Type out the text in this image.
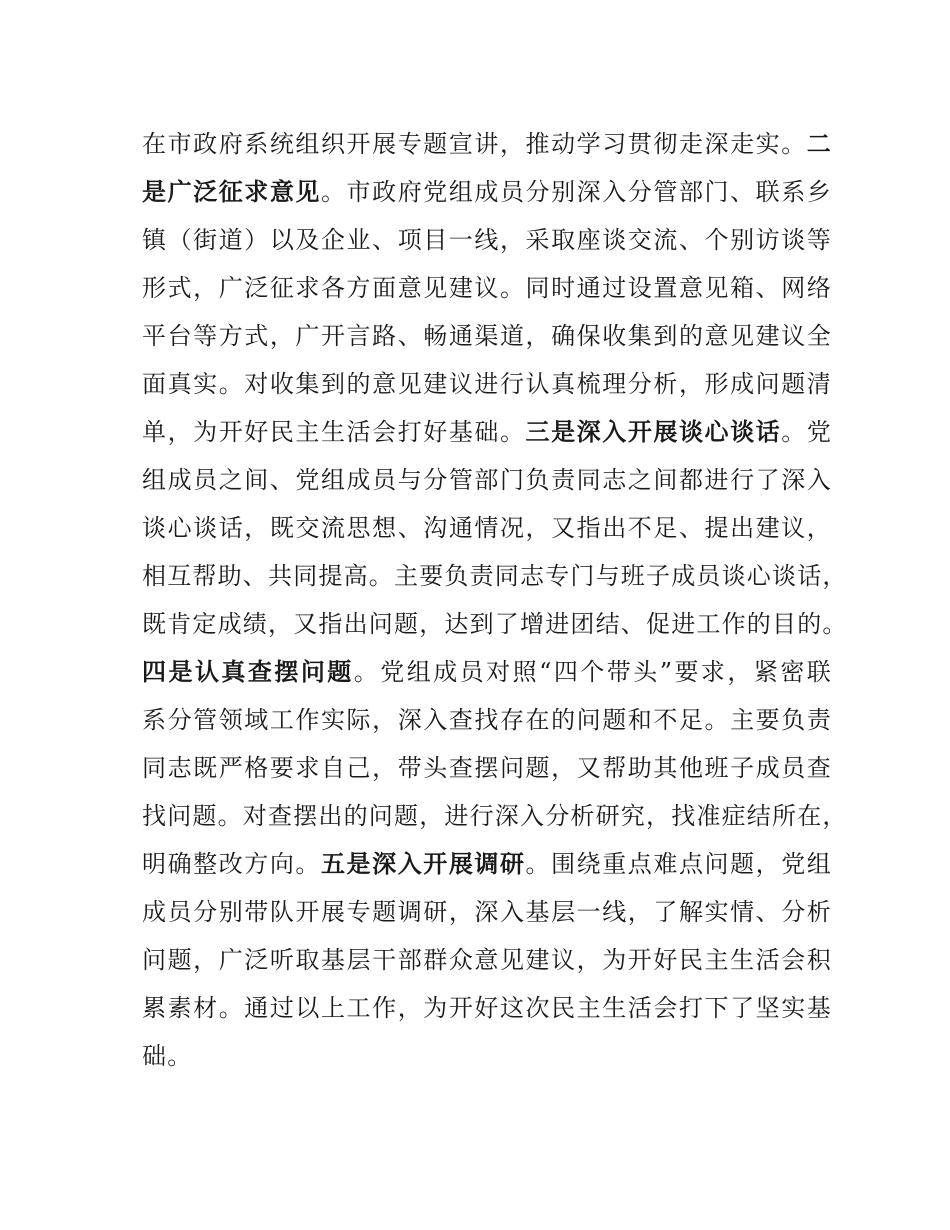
在市政府系统组织开展专题宣讲，推动学习贯彻走深走实。二
是广泛征求意见。市政府党组成员分别深入分管部门、联系乡
镇（街道）以及企业、项目一线，采取座谈交流、个别访谈等
形式，广泛征求各方面意见建议。同时通过设置意见箱、网络
平台等方式，广开言路、畅通渠道，确保收集到的意见建议全
面真实。对收集到的意见建议进行认真梳理分析，形成问题清
单，为开好民主生活会打好基础。三是深入开展谈心谈话。党
组成员之间、党组成员与分管部门负责同志之间都进行了深入
谈心谈话，既交流思想、沟通情况，又指出不足、提出建议，
相互帮助、共同提高。主要负责同志专门与班子成员谈心谈话，
既肯定成绩，又指出问题，达到了增进团结、促进工作的目的。
四是认真查摆问题。党组成员对照“四个带头”要求，紧密联
系分管领域工作实际，深入查找存在的问题和不足。主要负责
同志既严格要求自己，带头查摆问题，又帮助其他班子成员查
找问题。对查摆出的问题，进行深入分析研究，找准症结所在，
明确整改方向。五是深入开展调研。围绕重点难点问题，党组
成员分别带队开展专题调研，深入基层一线，了解实情、分析
问题，广泛听取基层干部群众意见建议，为开好民主生活会积
累素材。通过以上工作，为开好这次民主生活会打下了坚实基
础。
